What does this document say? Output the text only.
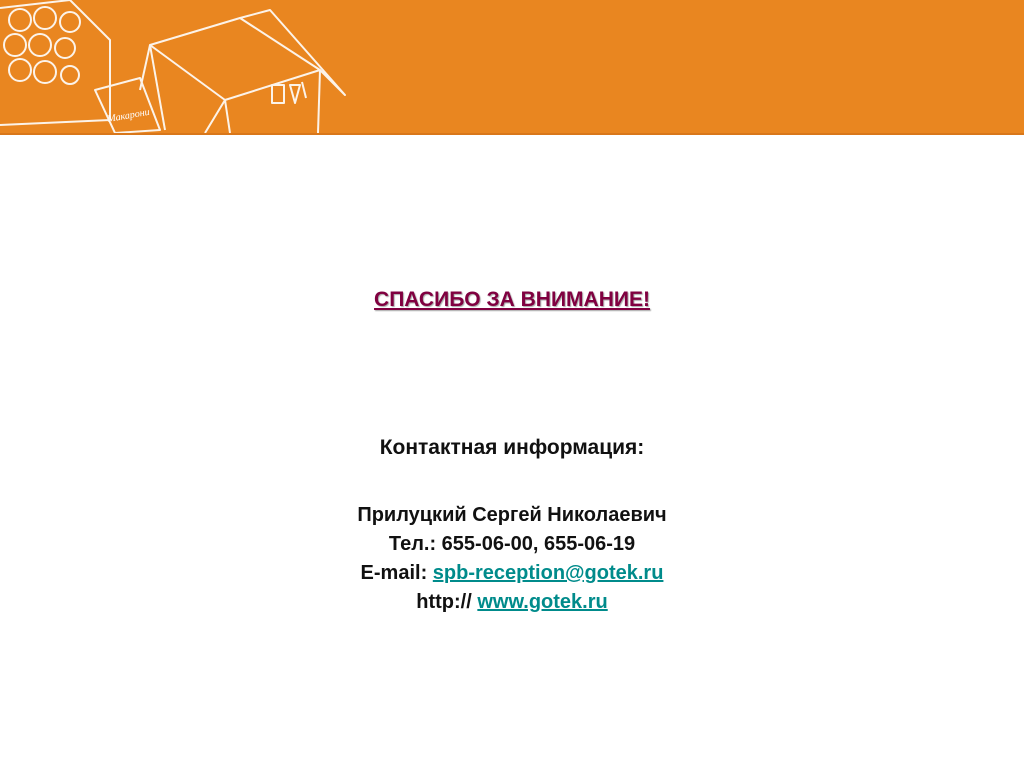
Макарони
СПАСИБО ЗА ВНИМАНИЕ!
Контактная информация:
Прилуцкий Сергей Николаевич
Тел.: 655-06-00, 655-06-19
E-mail: spb-reception@gotek.ru
http:// www.gotek.ru
